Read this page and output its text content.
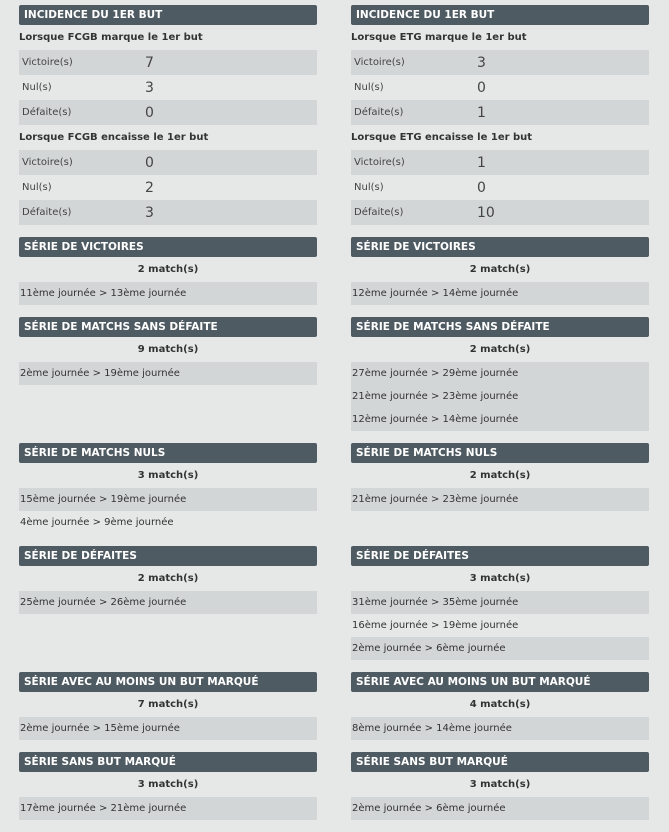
INCIDENCE DU 1ER BUT
Lorsque FCGB marque le 1er but
Victoire(s)	7
Nul(s)	3
Défaite(s)	0
Lorsque FCGB encaisse le 1er but
Victoire(s)	0
Nul(s)	2
Défaite(s)	3
SÉRIE DE VICTOIRES
2 match(s)
11ème journée > 13ème journée
SÉRIE DE MATCHS SANS DÉFAITE
9 match(s)
2ème journée > 19ème journée
SÉRIE DE MATCHS NULS
3 match(s)
15ème journée > 19ème journée
4ème journée > 9ème journée
SÉRIE DE DÉFAITES
2 match(s)
25ème journée > 26ème journée
SÉRIE AVEC AU MOINS UN BUT MARQUÉ
7 match(s)
2ème journée > 15ème journée
SÉRIE SANS BUT MARQUÉ
3 match(s)
17ème journée > 21ème journée
INCIDENCE DU 1ER BUT
Lorsque ETG marque le 1er but
Victoire(s)	3
Nul(s)	0
Défaite(s)	1
Lorsque ETG encaisse le 1er but
Victoire(s)	1
Nul(s)	0
Défaite(s)	10
SÉRIE DE VICTOIRES
2 match(s)
12ème journée > 14ème journée
SÉRIE DE MATCHS SANS DÉFAITE
2 match(s)
27ème journée > 29ème journée
21ème journée > 23ème journée
12ème journée > 14ème journée
SÉRIE DE MATCHS NULS
2 match(s)
21ème journée > 23ème journée
SÉRIE DE DÉFAITES
3 match(s)
31ème journée > 35ème journée
16ème journée > 19ème journée
2ème journée > 6ème journée
SÉRIE AVEC AU MOINS UN BUT MARQUÉ
4 match(s)
8ème journée > 14ème journée
SÉRIE SANS BUT MARQUÉ
3 match(s)
2ème journée > 6ème journée
